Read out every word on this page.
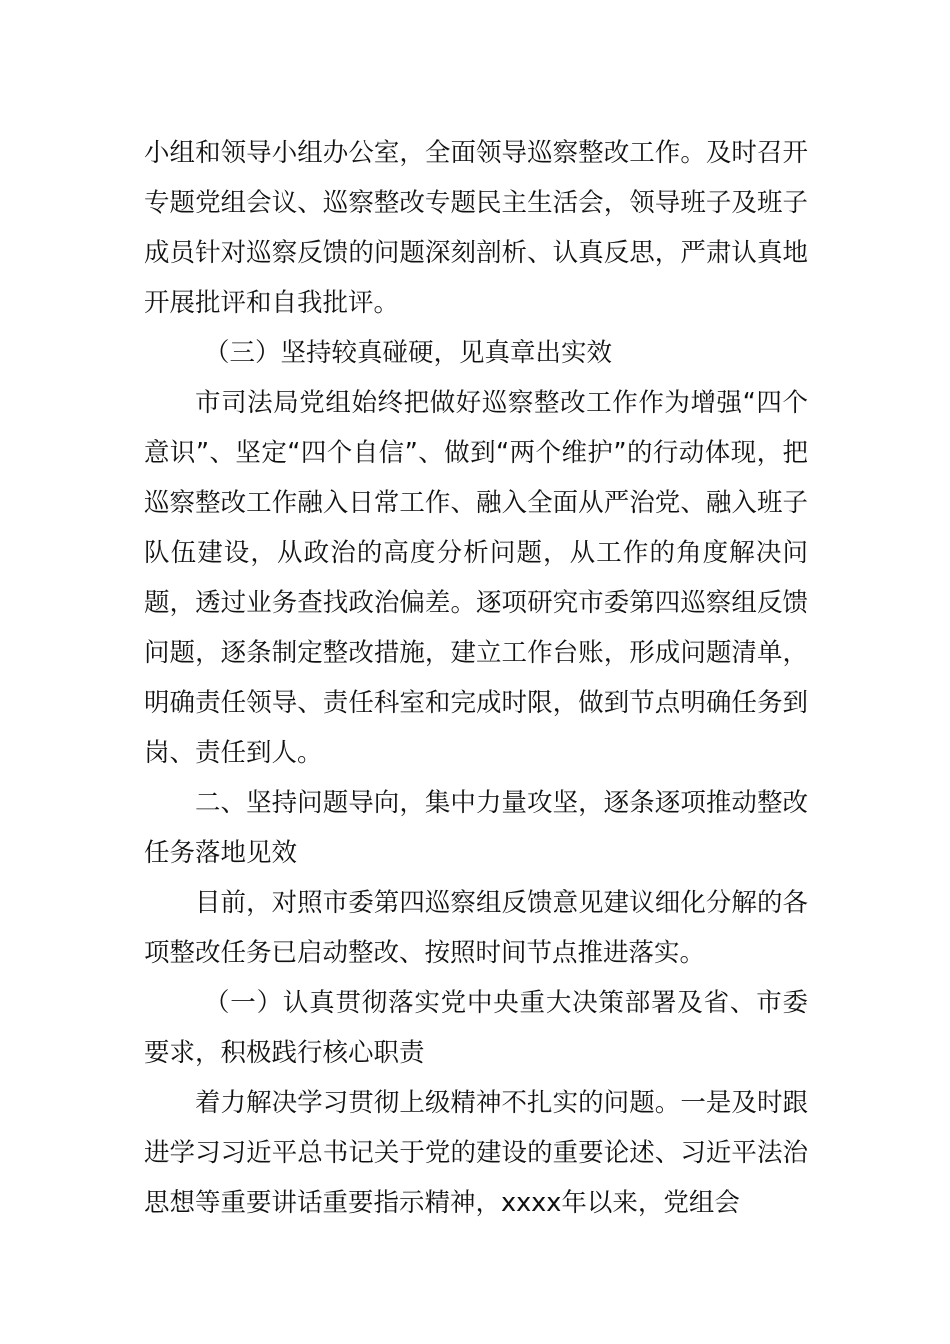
小组和领导小组办公室，全面领导巡察整改工作。及时召开专题党组会议、巡察整改专题民主生活会，领导班子及班子成员针对巡察反馈的问题深刻剖析、认真反思，严肃认真地开展批评和自我批评。

（三）坚持较真碰硬，见真章出实效

市司法局党组始终把做好巡察整改工作作为增强“四个意识”、坚定“四个自信”、做到“两个维护”的行动体现，把巡察整改工作融入日常工作、融入全面从严治党、融入班子队伍建设，从政治的高度分析问题，从工作的角度解决问题，透过业务查找政治偏差。逐项研究市委第四巡察组反馈问题，逐条制定整改措施，建立工作台账，形成问题清单，明确责任领导、责任科室和完成时限，做到节点明确任务到岗、责任到人。

二、坚持问题导向，集中力量攻坚，逐条逐项推动整改任务落地见效

目前，对照市委第四巡察组反馈意见建议细化分解的各项整改任务已启动整改、按照时间节点推进落实。

（一）认真贯彻落实党中央重大决策部署及省、市委要求，积极践行核心职责

着力解决学习贯彻上级精神不扎实的问题。一是及时跟进学习习近平总书记关于党的建设的重要论述、习近平法治思想等重要讲话重要指示精神，xxxx年以来，党组会
